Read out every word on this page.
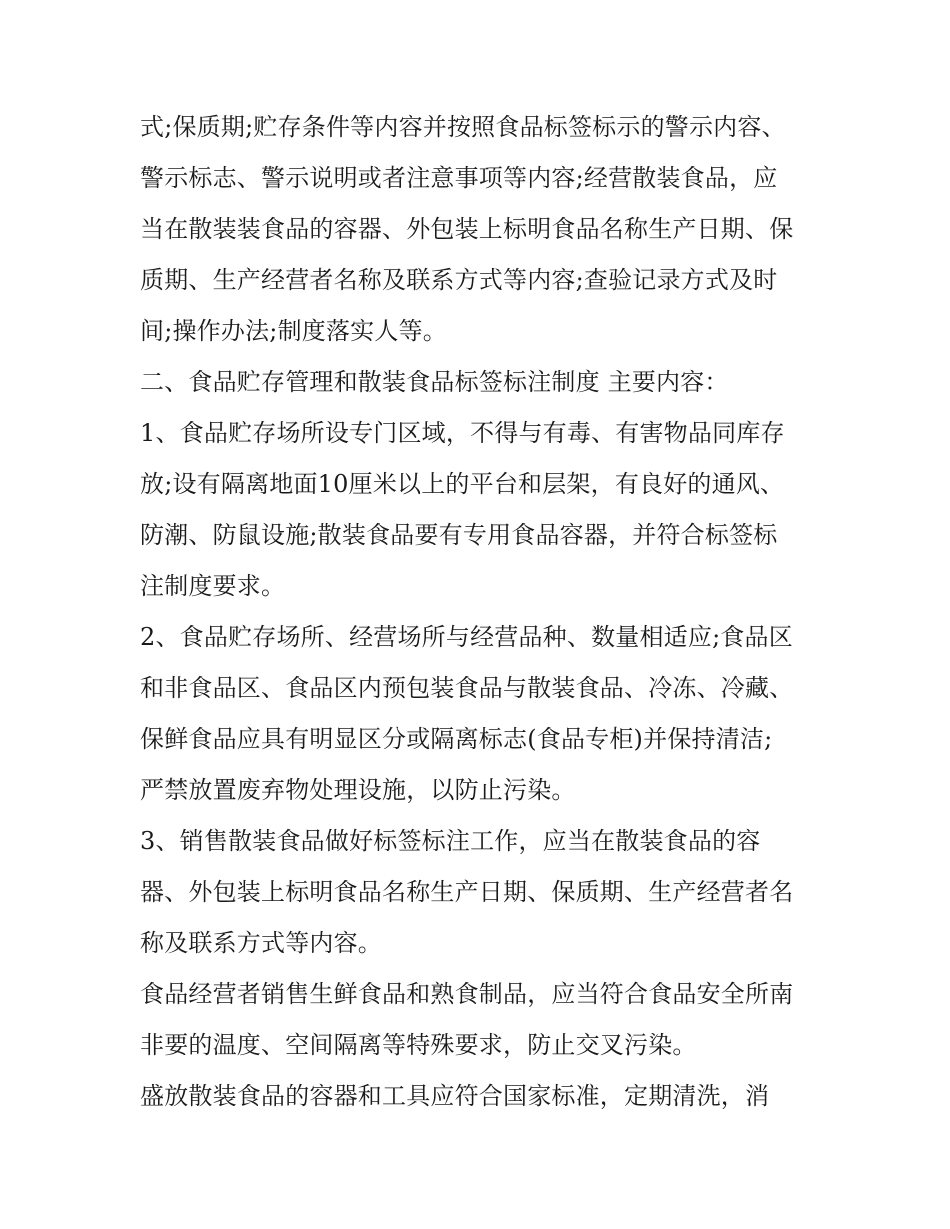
式;保质期;贮存条件等内容并按照食品标签标示的警示内容、
警示标志、警示说明或者注意事项等内容;经营散装食品，应
当在散装装食品的容器、外包装上标明食品名称生产日期、保
质期、生产经营者名称及联系方式等内容;查验记录方式及时
间;操作办法;制度落实人等。
二、食品贮存管理和散装食品标签标注制度 主要内容：
1、食品贮存场所设专门区域，不得与有毒、有害物品同库存
放;设有隔离地面10厘米以上的平台和层架，有良好的通风、
防潮、防鼠设施;散装食品要有专用食品容器，并符合标签标
注制度要求。
2、食品贮存场所、经营场所与经营品种、数量相适应;食品区
和非食品区、食品区内预包装食品与散装食品、冷冻、冷藏、
保鲜食品应具有明显区分或隔离标志(食品专柜)并保持清洁;
严禁放置废弃物处理设施，以防止污染。
3、销售散装食品做好标签标注工作，应当在散装食品的容
器、外包装上标明食品名称生产日期、保质期、生产经营者名
称及联系方式等内容。
食品经营者销售生鲜食品和熟食制品，应当符合食品安全所南
非要的温度、空间隔离等特殊要求，防止交叉污染。
盛放散装食品的容器和工具应符合国家标准，定期清洗，消
